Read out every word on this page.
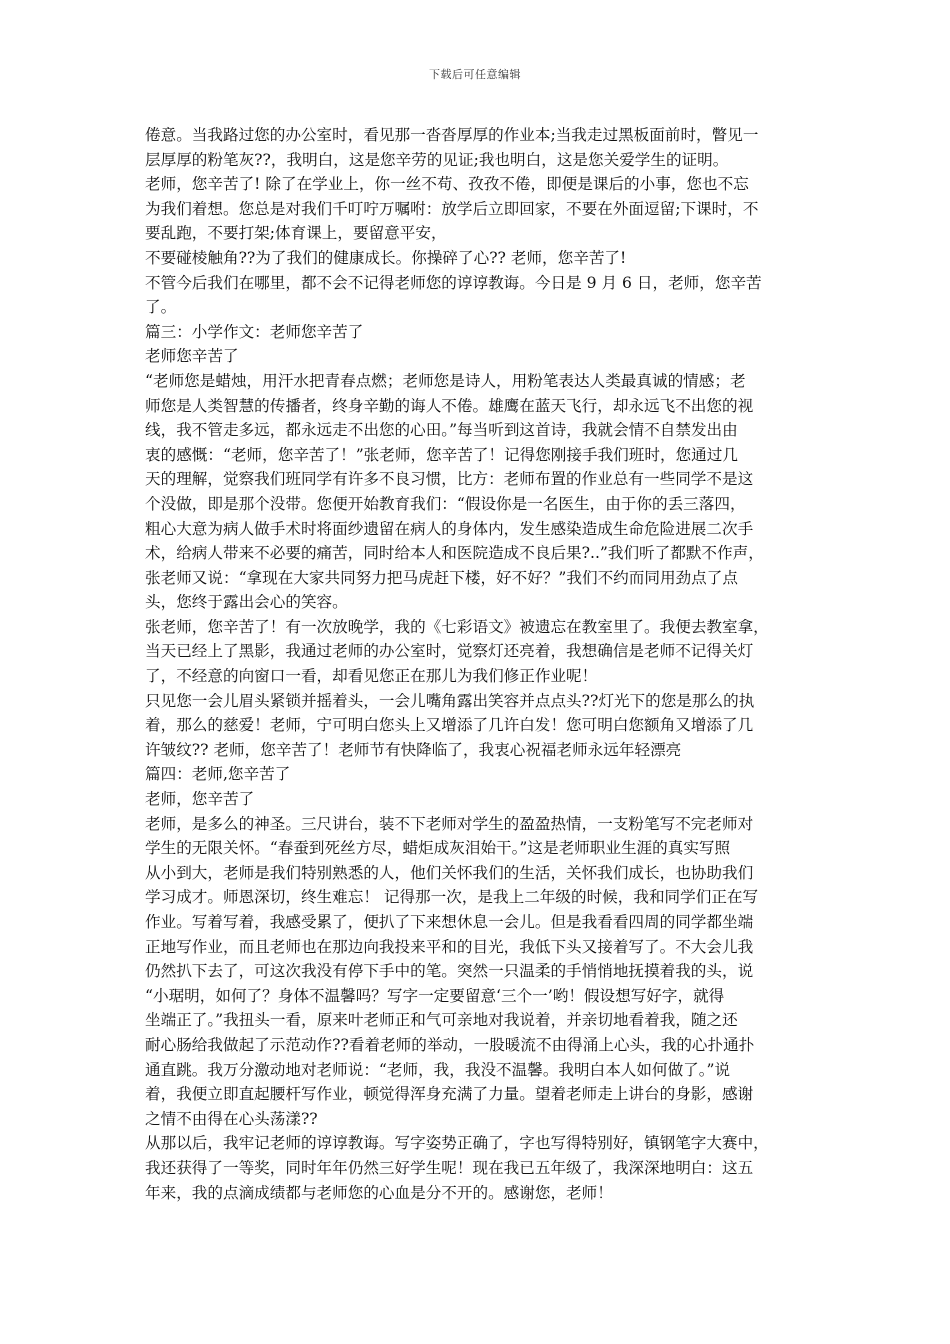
下载后可任意编辑
倦意。当我路过您的办公室时，看见那一沓沓厚厚的作业本;当我走过黑板面前时，瞥见一
层厚厚的粉笔灰??，我明白，这是您辛劳的见证;我也明白，这是您关爱学生的证明。
老师，您辛苦了! 除了在学业上，你一丝不苟、孜孜不倦，即便是课后的小事，您也不忘
为我们着想。您总是对我们千叮咛万嘱咐：放学后立即回家，不要在外面逗留;下课时，不
要乱跑，不要打架;体育课上，要留意平安，
不要碰棱触角??为了我们的健康成长。你操碎了心?? 老师，您辛苦了!
不管今后我们在哪里，都不会不记得老师您的谆谆教诲。今日是 9 月 6 日，老师，您辛苦
了。
篇三：小学作文：老师您辛苦了
老师您辛苦了
“老师您是蜡烛，用汗水把青春点燃；老师您是诗人，用粉笔表达人类最真诚的情感；老
师您是人类智慧的传播者，终身辛勤的诲人不倦。雄鹰在蓝天飞行，却永远飞不出您的视
线，我不管走多远，都永远走不出您的心田。”每当听到这首诗，我就会情不自禁发出由
衷的感慨：“老师，您辛苦了！”张老师，您辛苦了！记得您刚接手我们班时，您通过几
天的理解，觉察我们班同学有许多不良习惯，比方：老师布置的作业总有一些同学不是这
个没做，即是那个没带。您便开始教育我们：“假设你是一名医生，由于你的丢三落四，
粗心大意为病人做手术时将面纱遗留在病人的身体内，发生感染造成生命危险进展二次手
术，给病人带来不必要的痛苦，同时给本人和医院造成不良后果?..”我们听了都默不作声，
张老师又说：“拿现在大家共同努力把马虎赶下楼，好不好？”我们不约而同用劲点了点
头，您终于露出会心的笑容。
张老师，您辛苦了！有一次放晚学，我的《七彩语文》被遗忘在教室里了。我便去教室拿，
当天已经上了黑影，我通过老师的办公室时，觉察灯还亮着，我想确信是老师不记得关灯
了，不经意的向窗口一看，却看见您正在那儿为我们修正作业呢！
只见您一会儿眉头紧锁并摇着头，一会儿嘴角露出笑容并点点头??灯光下的您是那么的执
着，那么的慈爱！老师，宁可明白您头上又增添了几许白发！您可明白您额角又增添了几
许皱纹?? 老师，您辛苦了！老师节有快降临了，我衷心祝福老师永远年轻漂亮
篇四：老师,您辛苦了
老师，您辛苦了
老师，是多么的神圣。三尺讲台，装不下老师对学生的盈盈热情，一支粉笔写不完老师对
学生的无限关怀。“春蚕到死丝方尽，蜡炬成灰泪始干。”这是老师职业生涯的真实写照
从小到大，老师是我们特别熟悉的人，他们关怀我们的生活，关怀我们成长，也协助我们
学习成才。师恩深切，终生难忘！ 记得那一次，是我上二年级的时候，我和同学们正在写
作业。写着写着，我感受累了，便扒了下来想休息一会儿。但是我看看四周的同学都坐端
正地写作业，而且老师也在那边向我投来平和的目光，我低下头又接着写了。不大会儿我
仍然扒下去了，可这次我没有停下手中的笔。突然一只温柔的手悄悄地抚摸着我的头，说
“小琚明，如何了？身体不温馨吗？写字一定要留意‘三个一’哟！假设想写好字，就得
坐端正了。”我扭头一看，原来叶老师正和气可亲地对我说着，并亲切地看着我，随之还
耐心肠给我做起了示范动作??看着老师的举动，一股暖流不由得涌上心头，我的心扑通扑
通直跳。我万分激动地对老师说：“老师，我，我没不温馨。我明白本人如何做了。”说
着，我便立即直起腰杆写作业，顿觉得浑身充满了力量。望着老师走上讲台的身影，感谢
之情不由得在心头荡漾??
从那以后，我牢记老师的谆谆教诲。写字姿势正确了，字也写得特别好，镇钢笔字大赛中，
我还获得了一等奖，同时年年仍然三好学生呢！现在我已五年级了，我深深地明白：这五
年来，我的点滴成绩都与老师您的心血是分不开的。感谢您，老师！
